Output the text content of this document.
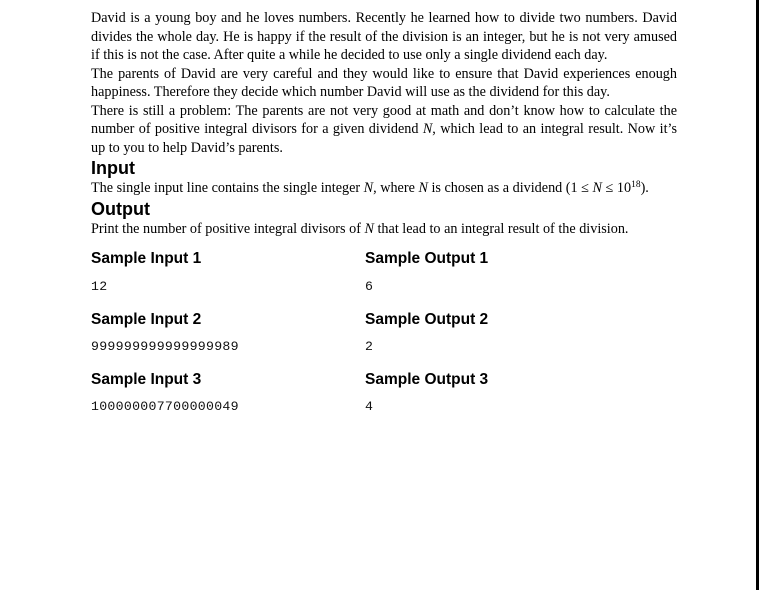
David is a young boy and he loves numbers. Recently he learned how to divide two numbers. David divides the whole day. He is happy if the result of the division is an integer, but he is not very amused if this is not the case. After quite a while he decided to use only a single dividend each day.

The parents of David are very careful and they would like to ensure that David experiences enough happiness. Therefore they decide which number David will use as the dividend for this day.

There is still a problem: The parents are not very good at math and don’t know how to calculate the number of positive integral divisors for a given dividend N, which lead to an integral result. Now it’s up to you to help David’s parents.

Input

The single input line contains the single integer N, where N is chosen as a dividend $(1 \le N \le 10^{18})$.

Output

Print the number of positive integral divisors of N that lead to an integral result of the division.

Sample Input 1	Sample Output 1
12	6
Sample Input 2	Sample Output 2
999999999999999989	2
Sample Input 3	Sample Output 3
100000007700000049	4
